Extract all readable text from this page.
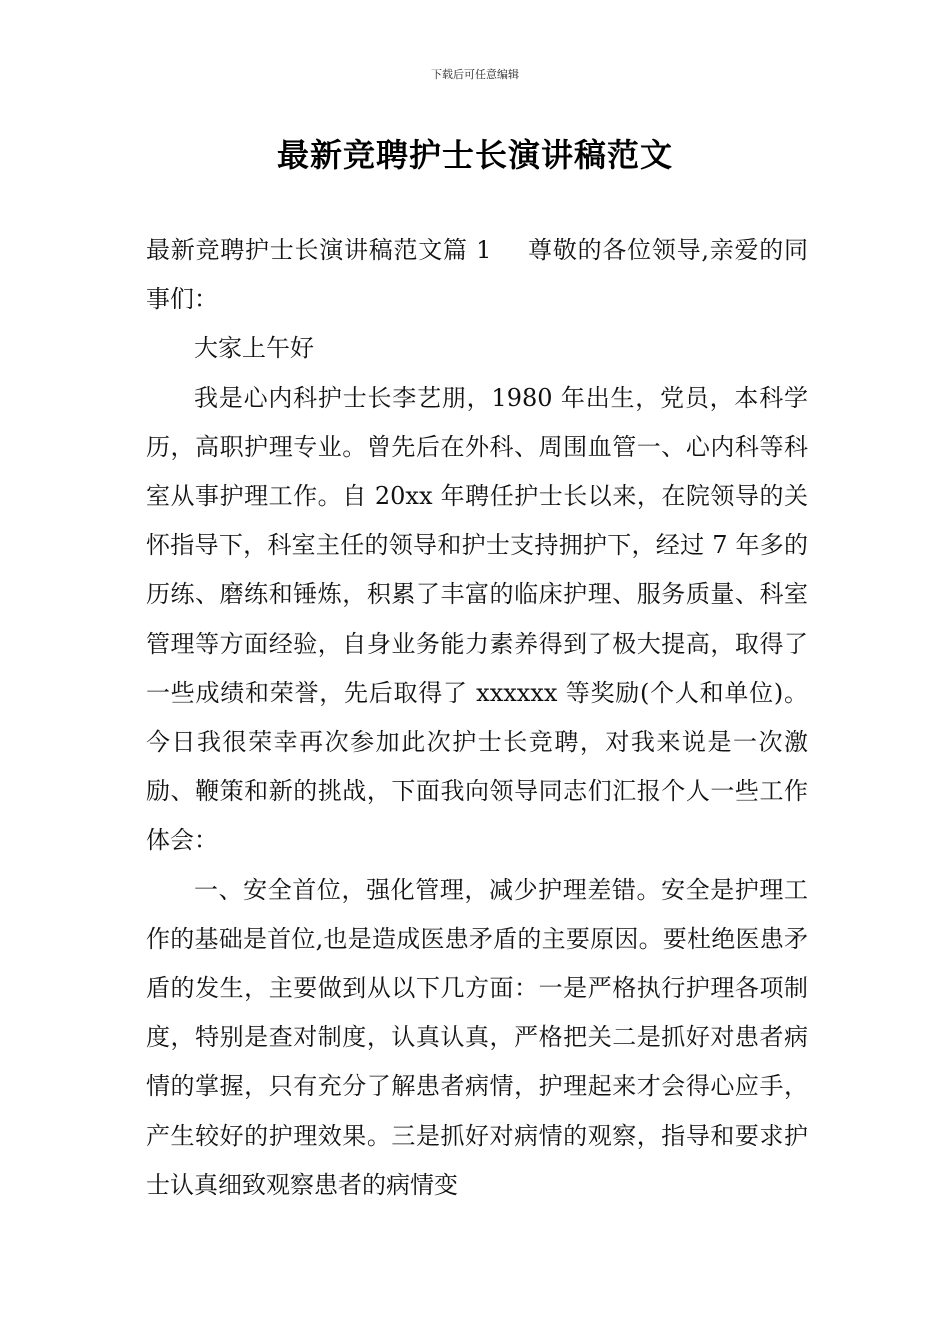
下载后可任意编辑
最新竞聘护士长演讲稿范文

最新竞聘护士长演讲稿范文篇 1 尊敬的各位领导,亲爱的同事们：

大家上午好

我是心内科护士长李艺朋，1980 年出生，党员，本科学历，高职护理专业。曾先后在外科、周围血管一、心内科等科室从事护理工作。自 20xx 年聘任护士长以来，在院领导的关怀指导下，科室主任的领导和护士支持拥护下，经过 7 年多的历练、磨练和锤炼，积累了丰富的临床护理、服务质量、科室管理等方面经验，自身业务能力素养得到了极大提高，取得了一些成绩和荣誉，先后取得了 xxxxxx 等奖励(个人和单位)。今日我很荣幸再次参加此次护士长竞聘，对我来说是一次激励、鞭策和新的挑战，下面我向领导同志们汇报个人一些工作体会：

一、安全首位，强化管理，减少护理差错。安全是护理工作的基础是首位,也是造成医患矛盾的主要原因。要杜绝医患矛盾的发生，主要做到从以下几方面：一是严格执行护理各项制度，特别是查对制度，认真认真，严格把关二是抓好对患者病情的掌握，只有充分了解患者病情，护理起来才会得心应手，产生较好的护理效果。三是抓好对病情的观察，指导和要求护士认真细致观察患者的病情变
